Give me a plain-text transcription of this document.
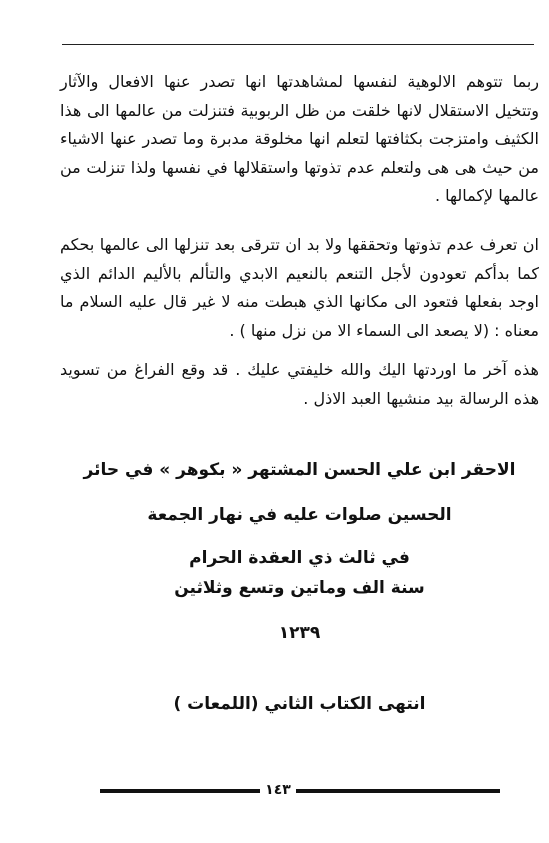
ربما تتوهم الالوهية لنفسها لمشاهدتها انها تصدر عنها الافعال والآثار وتتخيل الاستقلال لانها خلقت من ظل الربوبية فتنزلت من عالمها الى هذا الكثيف وامتزجت بكثافتها لتعلم انها مخلوقة مدبرة وما تصدر عنها الاشياء من حيث هى هى ولتعلم عدم تذوتها واستقلالها في نفسها ولذا تنزلت من عالمها لإكمالها .

ان تعرف عدم تذوتها وتحققها ولا بد ان تترقى بعد تنزلها الى عالمها بحكم كما بدأكم تعودون لأجل التنعم بالنعيم الابدي والتألم بالأليم الدائم الذي اوجد بفعلها فتعود الى مكانها الذي هبطت منه لا غير قال عليه السلام ما معناه : (لا يصعد الى السماء الا من نزل منها ) .

هذه آخر ما اوردتها اليك والله خليفتي عليك . قد وقع الفراغ من تسويد هذه الرسالة بيد منشيها العبد الاذل .

الاحقر ابن علي الحسن المشتهر « بكوهر » في حائر

الحسين صلوات عليه في نهار الجمعة

في ثالث ذي العقدة الحرام

سنة الف وماتين وتسع وثلاثين

١٢٣٩

انتهى الكتاب الثاني (اللمعات )

١٤٣
